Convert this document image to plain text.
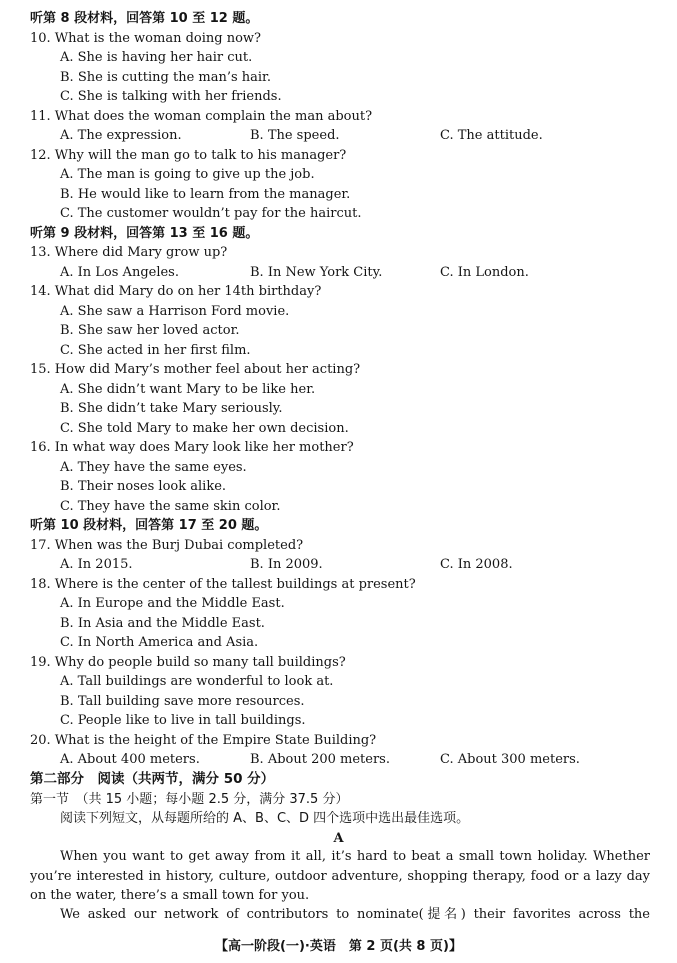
听第 8 段材料，回答第 10 至 12 题。
10. What is the woman doing now?
A. She is having her hair cut.
B. She is cutting the man’s hair.
C. She is talking with her friends.
11. What does the woman complain the man about?
A. The expression.	B. The speed.	C. The attitude.
12. Why will the man go to talk to his manager?
A. The man is going to give up the job.
B. He would like to learn from the manager.
C. The customer wouldn’t pay for the haircut.
听第 9 段材料，回答第 13 至 16 题。
13. Where did Mary grow up?
A. In Los Angeles.	B. In New York City.	C. In London.
14. What did Mary do on her 14th birthday?
A. She saw a Harrison Ford movie.
B. She saw her loved actor.
C. She acted in her first film.
15. How did Mary’s mother feel about her acting?
A. She didn’t want Mary to be like her.
B. She didn’t take Mary seriously.
C. She told Mary to make her own decision.
16. In what way does Mary look like her mother?
A. They have the same eyes.
B. Their noses look alike.
C. They have the same skin color.
听第 10 段材料，回答第 17 至 20 题。
17. When was the Burj Dubai completed?
A. In 2015.	B. In 2009.	C. In 2008.
18. Where is the center of the tallest buildings at present?
A. In Europe and the Middle East.
B. In Asia and the Middle East.
C. In North America and Asia.
19. Why do people build so many tall buildings?
A. Tall buildings are wonderful to look at.
B. Tall building save more resources.
C. People like to live in tall buildings.
20. What is the height of the Empire State Building?
A. About 400 meters.	B. About 200 meters.	C. About 300 meters.
第二部分　阅读（共两节，满分 50 分）
第一节　（共 15 小题；每小题 2.5 分，满分 37.5 分）
阅读下列短文，从每题所给的 A、B、C、D 四个选项中选出最佳选项。
A
When you want to get away from it all, it’s hard to beat a small town holiday. Whether you’re interested in history, culture, outdoor adventure, shopping therapy, food or a lazy day on the water, there’s a small town for you.
We asked our network of contributors to nominate(提名) their favorites across the
【高一阶段(一)·英语　第 2 页(共 8 页)】
